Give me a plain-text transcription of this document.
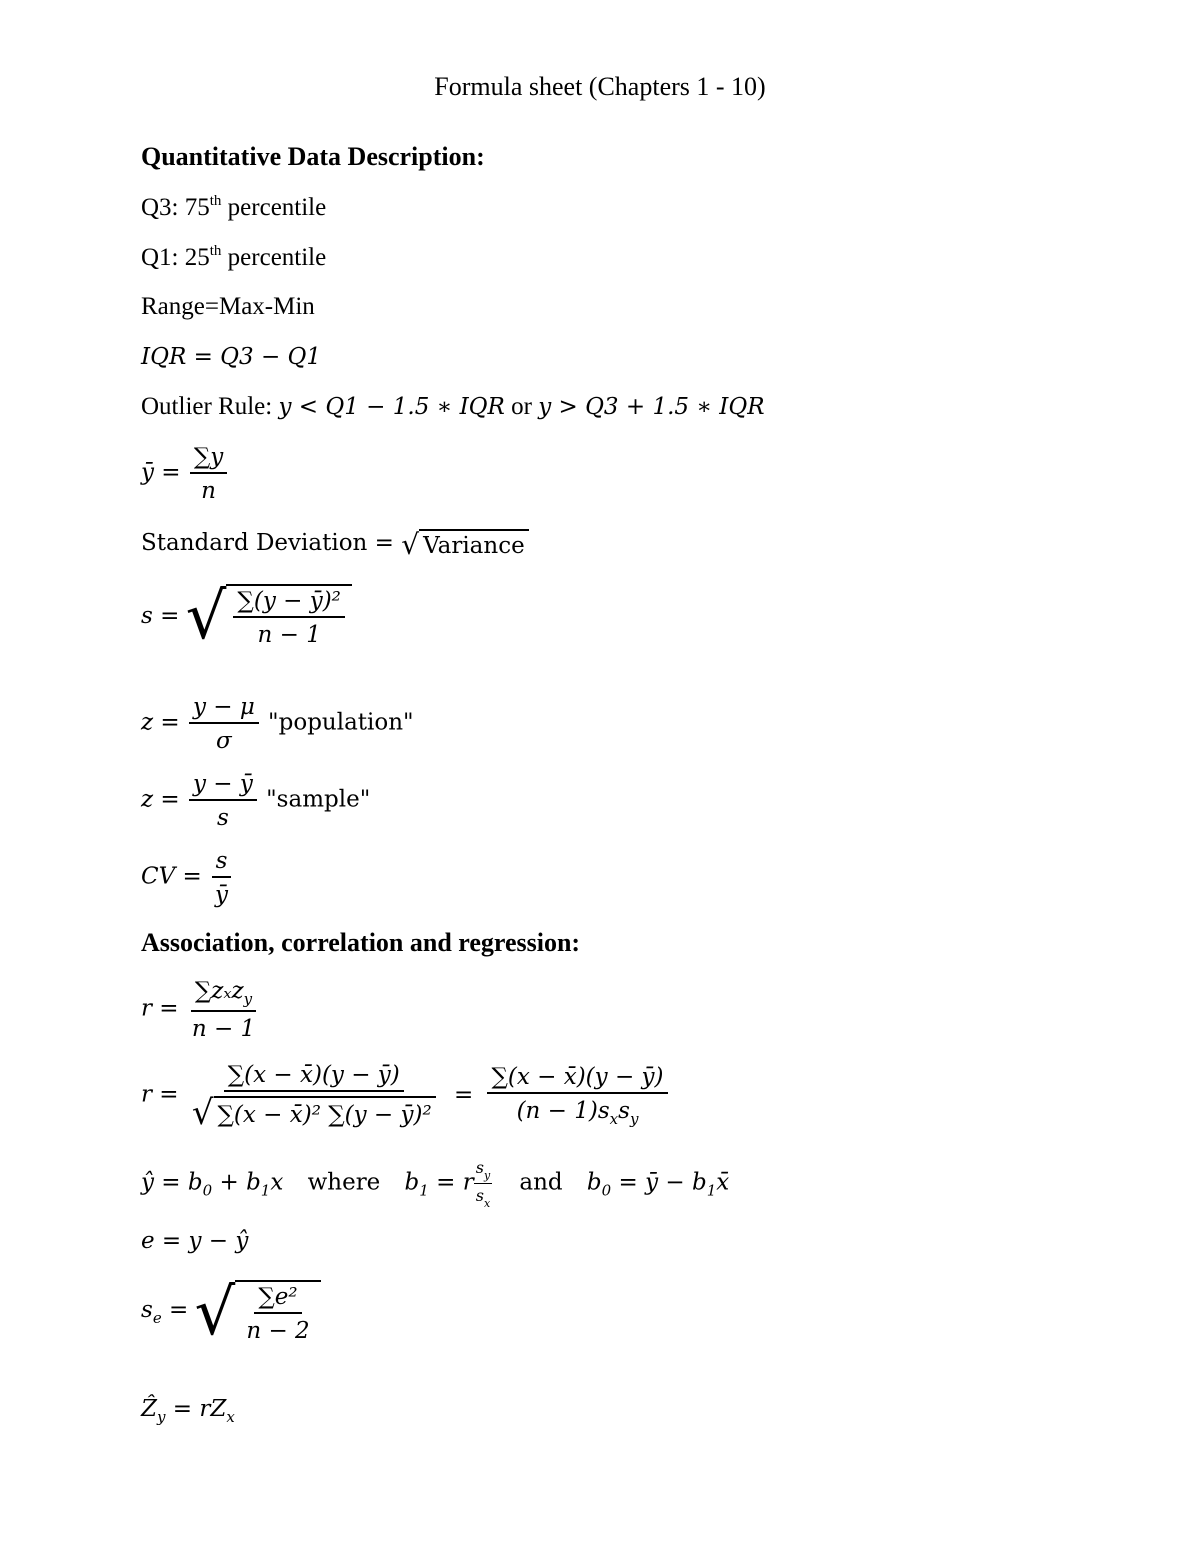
Formula sheet (Chapters 1 - 10)
Quantitative Data Description:
Q3: 75th percentile
Q1: 25th percentile
Range=Max-Min
IQR = Q3 − Q1
Outlier Rule: y < Q1 − 1.5 ∗ IQR or y > Q3 + 1.5 ∗ IQR
ȳ = $\frac{\sum y}{n}$
Standard Deviation = √ Variance
s = √ $\frac{\text{∑(y − ȳ)²}}{n - 1}$
$z = \frac{y - \mu}{\sigma}$ "population"
$z = \frac{y - ȳ}{s}$ "sample"
CV = $\frac{s}{ȳ}$
Association, correlation and regression:
$r = \frac{\sum z_xz_y}{n - 1}$
$r = \frac{\sum(x - x̄)(y - ȳ)}{\text{√ ∑(x − x̄)² ∑(y − ȳ)²}} = \frac{\sum(x - x̄)(y - ȳ)}{(n - 1)s_xs_y}$
ŷ = $b_0 + b_1x$ where $b_1 = r \frac{s_y}{s_x}$ and $b_0$ = ȳ − $b_1x̄$
e = y − ŷ
$s_e$ = √ $\frac{\text{∑e²}}{n - 2}$
Ẑ$_y$ = $rZ_x$
